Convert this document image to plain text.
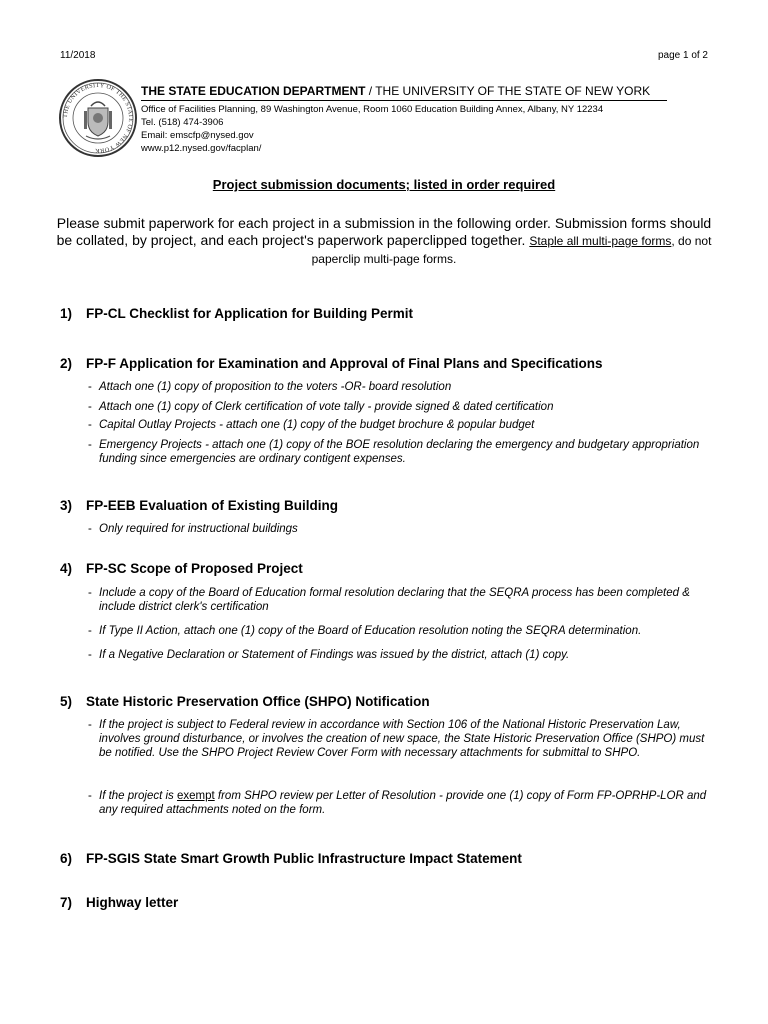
11/2018	page 1 of 2
THE UNIVERSITY OF THE STATE OF NEW YORK
THE STATE EDUCATION DEPARTMENT / THE UNIVERSITY OF THE STATE OF NEW YORK
Office of Facilities Planning, 89 Washington Avenue, Room 1060 Education Building Annex, Albany, NY 12234
Tel. (518) 474-3906
Email: emscfp@nysed.gov
www.p12.nysed.gov/facplan/
Project submission documents; listed in order required
Please submit paperwork for each project in a submission in the following order. Submission forms should be collated, by project, and each project's paperwork paperclipped together. Staple all multi-page forms, do not paperclip multi-page forms.
1) FP-CL Checklist for Application for Building Permit
2) FP-F Application for Examination and Approval of Final Plans and Specifications
- Attach one (1) copy of proposition to the voters -OR- board resolution
- Attach one (1) copy of Clerk certification of vote tally - provide signed & dated certification
- Capital Outlay Projects - attach one (1) copy of the budget brochure & popular budget
- Emergency Projects - attach one (1) copy of the BOE resolution declaring the emergency and budgetary appropriation funding since emergencies are ordinary contigent expenses.
3) FP-EEB Evaluation of Existing Building
- Only required for instructional buildings
4) FP-SC Scope of Proposed Project
- Include a copy of the Board of Education formal resolution declaring that the SEQRA process has been completed & include district clerk's certification
- If Type II Action, attach one (1) copy of the Board of Education resolution noting the SEQRA determination.
- If a Negative Declaration or Statement of Findings was issued by the district, attach (1) copy.
5) State Historic Preservation Office (SHPO) Notification
- If the project is subject to Federal review in accordance with Section 106 of the National Historic Preservation Law, involves ground disturbance, or involves the creation of new space, the State Historic Preservation Office (SHPO) must be notified. Use the SHPO Project Review Cover Form with necessary attachments for submittal to SHPO.
- If the project is exempt from SHPO review per Letter of Resolution - provide one (1) copy of Form FP-OPRHP-LOR and any required attachments noted on the form.
6) FP-SGIS State Smart Growth Public Infrastructure Impact Statement
7) Highway letter
